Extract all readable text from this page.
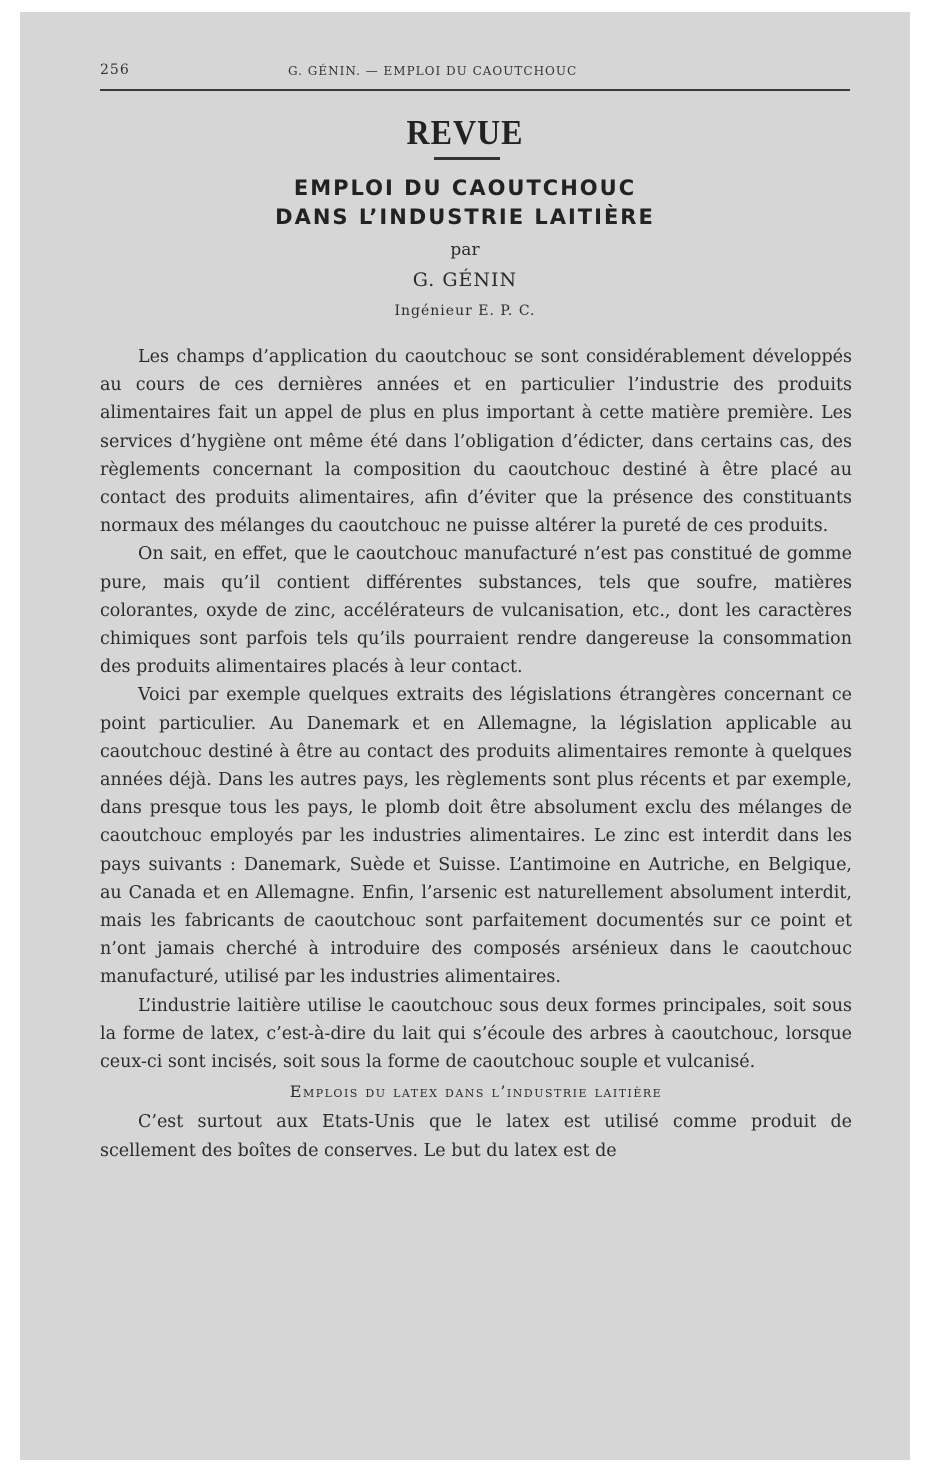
256	G. GÉNIN. — EMPLOI DU CAOUTCHOUC
REVUE
EMPLOI DU CAOUTCHOUC
DANS L’INDUSTRIE LAITIÈRE
par
G. GÉNIN
Ingénieur E. P. C.

Les champs d’application du caoutchouc se sont considérablement développés au cours de ces dernières années et en particulier l’industrie des produits alimentaires fait un appel de plus en plus important à cette matière première. Les services d’hygiène ont même été dans l’obligation d’édicter, dans certains cas, des règlements concernant la composition du caoutchouc destiné à être placé au contact des produits alimentaires, afin d’éviter que la présence des constituants normaux des mélanges du caoutchouc ne puisse altérer la pureté de ces produits.

On sait, en effet, que le caoutchouc manufacturé n’est pas constitué de gomme pure, mais qu’il contient différentes substances, tels que soufre, matières colorantes, oxyde de zinc, accélérateurs de vulcanisation, etc., dont les caractères chimiques sont parfois tels qu’ils pourraient rendre dangereuse la consommation des produits alimentaires placés à leur contact.

Voici par exemple quelques extraits des législations étrangères concernant ce point particulier. Au Danemark et en Allemagne, la législation applicable au caoutchouc destiné à être au contact des produits alimentaires remonte à quelques années déjà. Dans les autres pays, les règlements sont plus récents et par exemple, dans presque tous les pays, le plomb doit être absolument exclu des mélanges de caoutchouc employés par les industries alimentaires. Le zinc est interdit dans les pays suivants : Danemark, Suède et Suisse. L’antimoine en Autriche, en Belgique, au Canada et en Allemagne. Enfin, l’arsenic est naturellement absolument interdit, mais les fabricants de caoutchouc sont parfaitement documentés sur ce point et n’ont jamais cherché à introduire des composés arsénieux dans le caoutchouc manufacturé, utilisé par les industries alimentaires.

L’industrie laitière utilise le caoutchouc sous deux formes principales, soit sous la forme de latex, c’est-à-dire du lait qui s’écoule des arbres à caoutchouc, lorsque ceux-ci sont incisés, soit sous la forme de caoutchouc souple et vulcanisé.

Emplois du latex dans l’industrie laitière

C’est surtout aux Etats-Unis que le latex est utilisé comme produit de scellement des boîtes de conserves. Le but du latex est de
